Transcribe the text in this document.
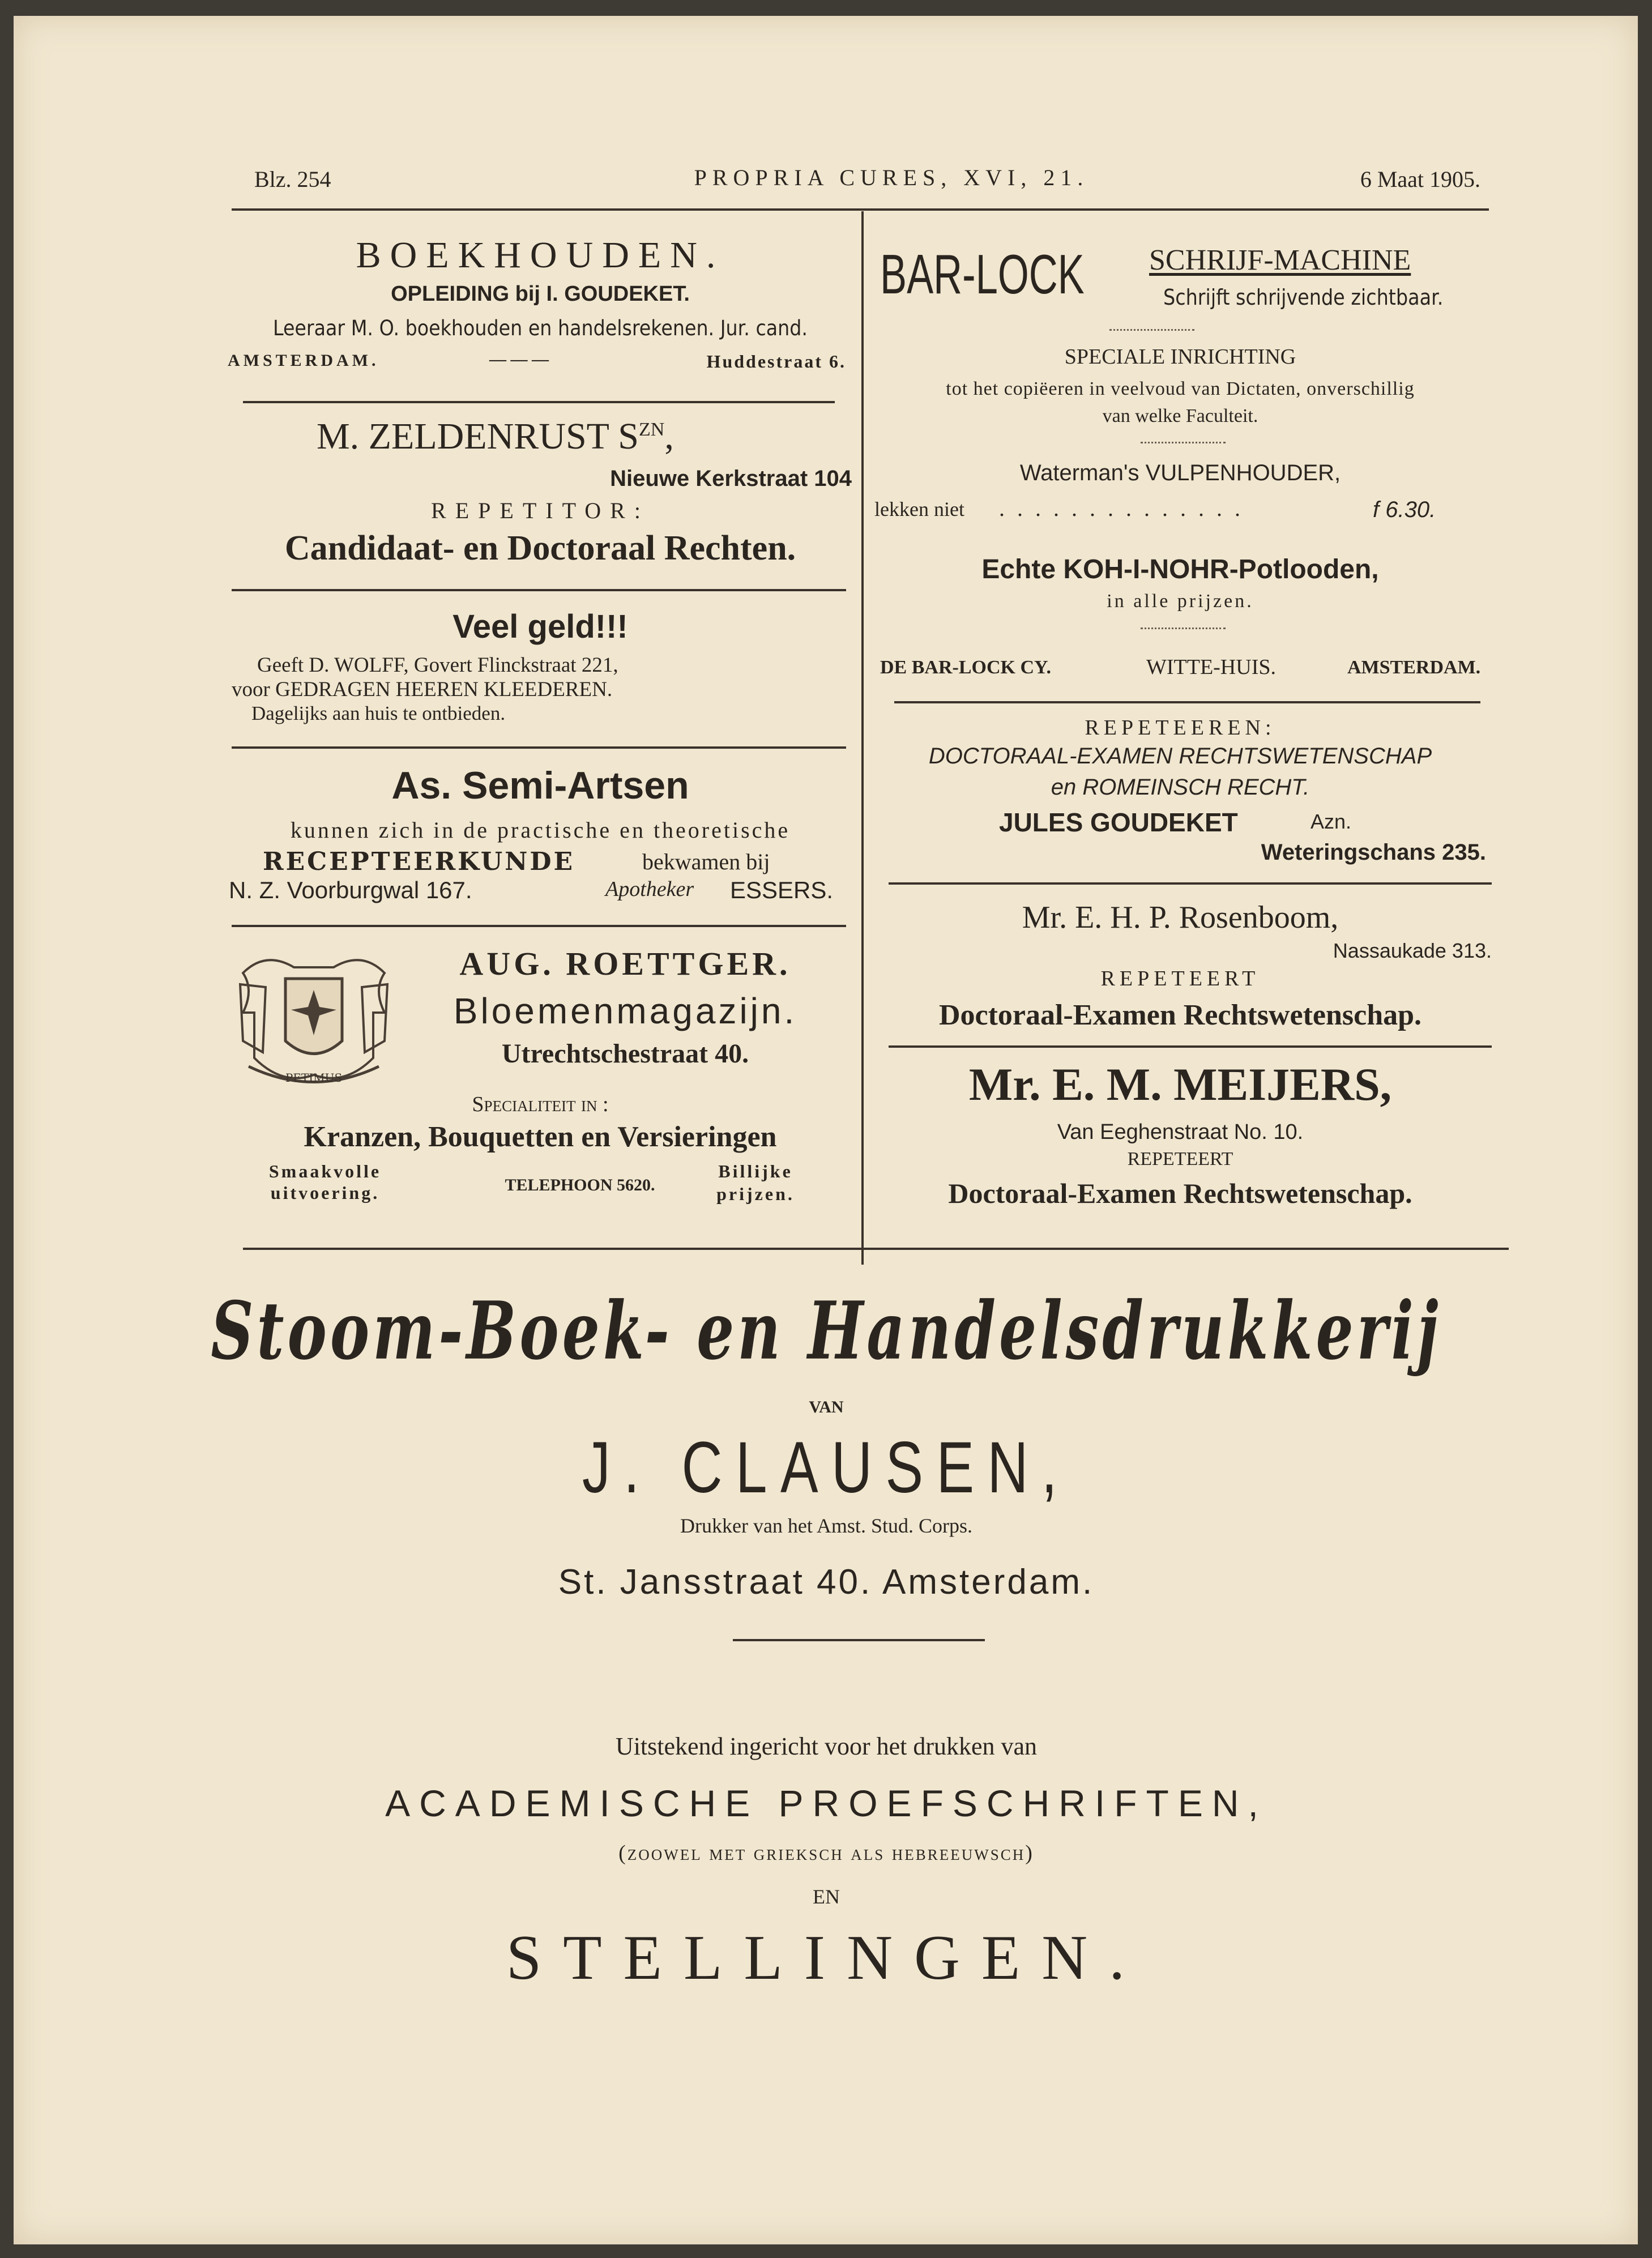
Blz. 254	PROPRIA CURES, XVI, 21.	6 Maat 1905.
BOEKHOUDEN.
OPLEIDING bij I. GOUDEKET.
Leeraar M. O. boekhouden en handelsrekenen. Jur. cand.
AMSTERDAM.	— — —	Huddestraat 6.
M. ZELDENRUST $S^{ZN}$,
Nieuwe Kerkstraat 104
REPETITOR:
Candidaat- en Doctoraal Rechten.
Veel geld!!!
Geeft D. WOLFF, Govert Flinckstraat 221,
voor GEDRAGEN HEEREN KLEEDEREN.
Dagelijks aan huis te ontbieden.
As. Semi-Artsen
kunnen zich in de practische en theoretische
RECEPTEERKUNDE	bekwamen bij
N. Z. Voorburgwal 167.	Apotheker ESSERS.
PETIMUS
AUG. ROETTGER.
Bloemenmagazijn.
Utrechtschestraat 40.
Specialiteit in :
Kranzen, Bouquetten en Versieringen
Smaakvolle
uitvoering.	TELEPHOON 5620.
Billijke
prijzen.
BAR-LOCK SCHRIJF-MACHINE
Schrijft schrijvende zichtbaar.
SPECIALE INRICHTING
tot het copiëeren in veelvoud van Dictaten, onverschillig
van welke Faculteit.
Waterman's VULPENHOUDER,
lekken niet . . . . . . . . . . . . . .	f 6.30.
Echte KOH-I-NOHR-Potlooden,
in alle prijzen.
DE BAR-LOCK CY.	WITTE-HUIS.	AMSTERDAM.
REPETEEREN:
DOCTORAAL-EXAMEN RECHTSWETENSCHAP
en ROMEINSCH RECHT.
JULES GOUDEKET	Azn.
Weteringschans 235.
Mr. E. H. P. Rosenboom,
Nassaukade 313.
REPETEERT
Doctoraal-Examen Rechtswetenschap.
Mr. E. M. MEIJERS,
Van Eeghenstraat No. 10.
REPETEERT
Doctoraal-Examen Rechtswetenschap.
Stoom-Boek- en Handelsdrukkerij
VAN
J. CLAUSEN,
Drukker van het Amst. Stud. Corps.
St. Jansstraat 40. Amsterdam.
Uitstekend ingericht voor het drukken van
ACADEMISCHE PROEFSCHRIFTEN,
(zoowel met grieksch als hebreeuwsch)
EN
STELLINGEN.
